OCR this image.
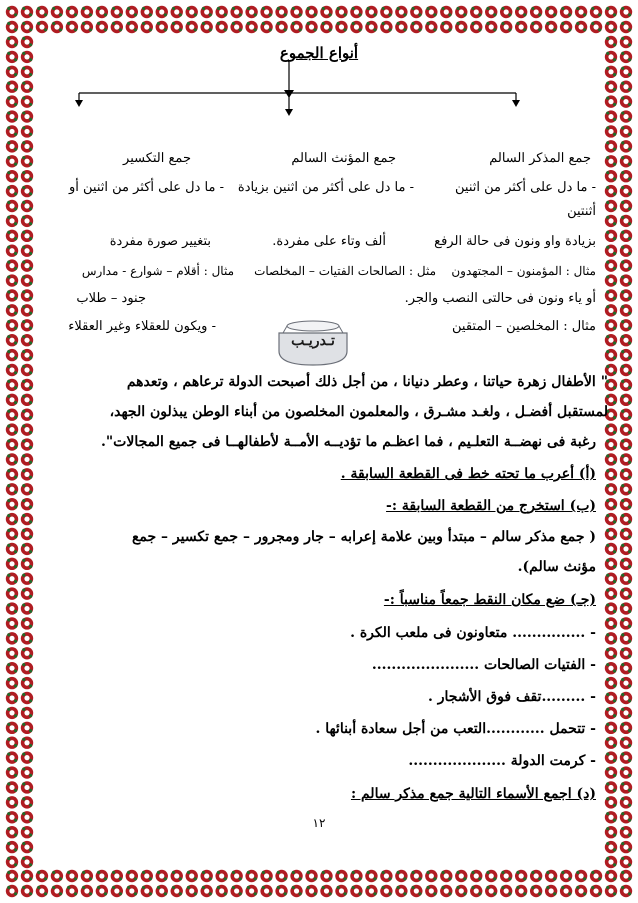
أنواع الجموع
جمع المذكر السالم
جمع المؤنث السالم
جمع التكسير
- ما دل على أكثر من اثنين
- ما دل على أكثر من اثنين بزيادة
- ما دل على أكثر من اثنين أو
أثنتين
بزيادة واو ونون فى حالة الرفع
ألف وتاء على مفردة.
بتغيير صورة مفردة
مثال : المؤمنون – المجتهدون
مثل : الصالحات الفتيات – المخلصات
مثال : أقلام – شوارع - مدارس
أو ياء ونون فى حالتى النصب والجر.
جنود – طلاب
مثال : المخلصين – المتقين
- ويكون للعقلاء وغير العقلاء
تـدريـب
" الأطفال زهرة حياتنا ، وعطر دنيانا ، من أجل ذلك أصبحت الدولة ترعاهم ، وتعدهم
لمستقبل أفضـل ، ولغـد مشـرق ، والمعلمون المخلصون من أبناء الوطن يبذلون الجهد،
رغبة فى نهضــة التعلـيم ، فما اعظـم ما تؤديــه الأمــة لأطفالهــا فى جميع المجالات".
(أ) أعرب ما تحته خط فى القطعة السابقة .
(ب) استخرج من القطعة السابقة :-
( جمع مذكر سالم – مبتدأ وبين علامة إعرابه – جار ومجرور – جمع تكسير – جمع
مؤنث سالم).
(جـ) ضع مكان النقط جمعاً مناسباً :-
- ............... متعاونون فى ملعب الكرة .
- الفتيات الصالحات ......................
- .........تقف فوق الأشجار .
- تتحمل ............التعب من أجل سعادة أبنائها .
- كرمت الدولة ....................
(د) اجمع الأسماء التالية جمع مذكر سالم :
١٢
